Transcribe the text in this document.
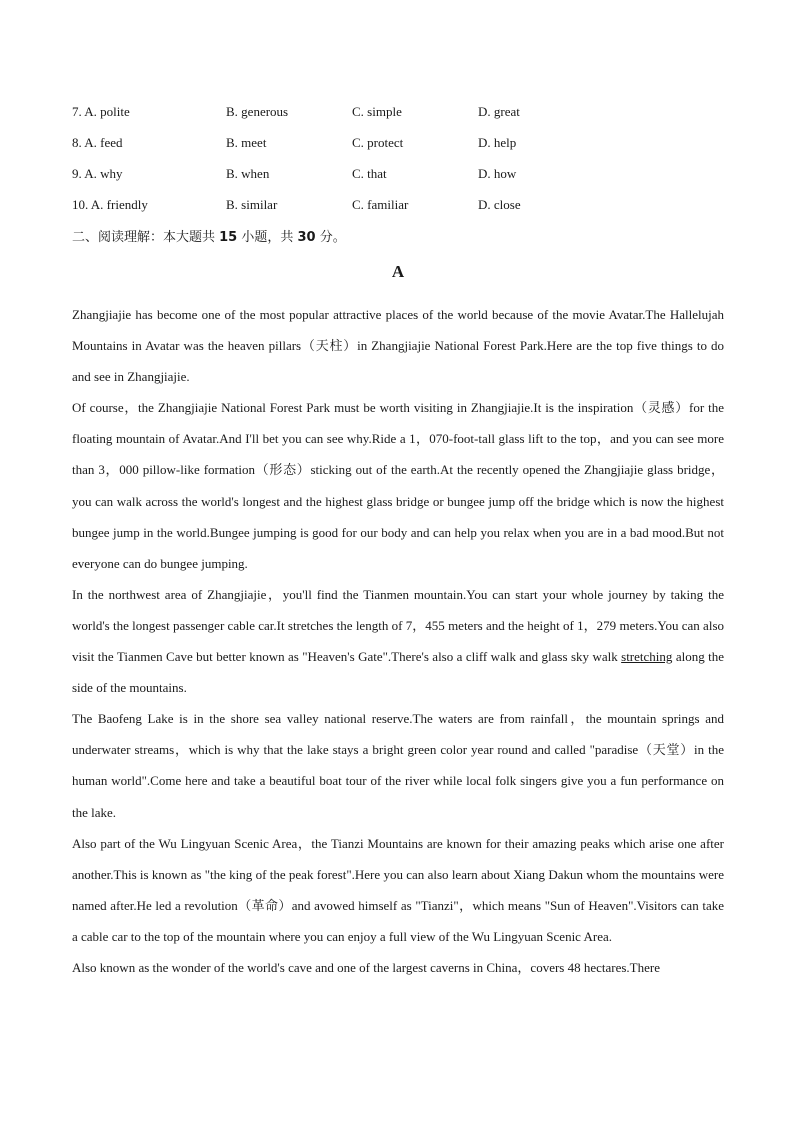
7. A. polite	B. generous	C. simple	D. great
8. A. feed	B. meet	C. protect	D. help
9. A. why	B. when	C. that	D. how
10. A. friendly	B. similar	C. familiar	D. close
二、阅读理解：本大题共 15 小题，共 30 分。
A

Zhangjiajie has become one of the most popular attractive places of the world because of the movie Avatar.The Hallelujah Mountains in Avatar was the heaven pillars（天柱）in Zhangjiajie National Forest Park.Here are the top five things to do and see in Zhangjiajie.

Of course，the Zhangjiajie National Forest Park must be worth visiting in Zhangjiajie.It is the inspiration（灵感）for the floating mountain of Avatar.And I'll bet you can see why.Ride a 1，070-foot-tall glass lift to the top，and you can see more than 3，000 pillow-like formation（形态）sticking out of the earth.At the recently opened the Zhangjiajie glass bridge，you can walk across the world's longest and the highest glass bridge or bungee jump off the bridge which is now the highest bungee jump in the world.Bungee jumping is good for our body and can help you relax when you are in a bad mood.But not everyone can do bungee jumping.

In the northwest area of Zhangjiajie，you'll find the Tianmen mountain.You can start your whole journey by taking the world's the longest passenger cable car.It stretches the length of 7，455 meters and the height of 1，279 meters.You can also visit the Tianmen Cave but better known as "Heaven's Gate".There's also a cliff walk and glass sky walk stretching along the side of the mountains.

The Baofeng Lake is in the shore sea valley national reserve.The waters are from rainfall，the mountain springs and underwater streams，which is why that the lake stays a bright green color year round and called "paradise（天堂）in the human world".Come here and take a beautiful boat tour of the river while local folk singers give you a fun performance on the lake.

Also part of the Wu Lingyuan Scenic Area，the Tianzi Mountains are known for their amazing peaks which arise one after another.This is known as "the king of the peak forest".Here you can also learn about Xiang Dakun whom the mountains were named after.He led a revolution（革命）and avowed himself as "Tianzi"，which means "Sun of Heaven".Visitors can take a cable car to the top of the mountain where you can enjoy a full view of the Wu Lingyuan Scenic Area.

Also known as the wonder of the world's cave and one of the largest caverns in China，covers 48 hectares.There
